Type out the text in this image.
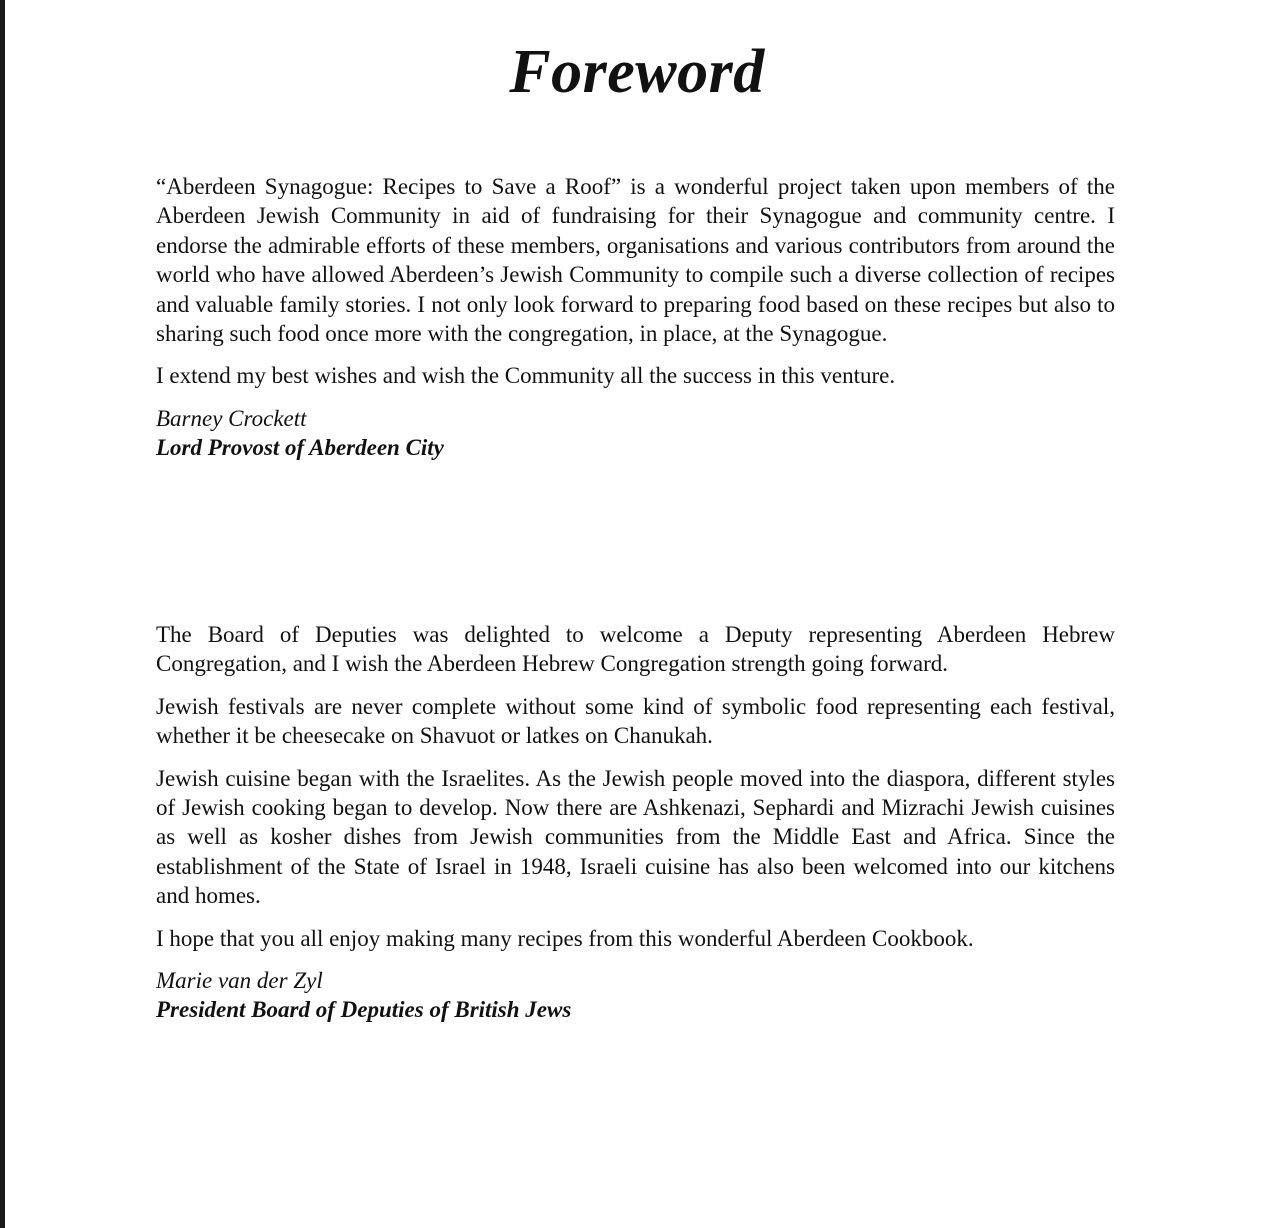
Foreword

“Aberdeen Synagogue: Recipes to Save a Roof” is a wonderful project taken upon members of the Aberdeen Jewish Community in aid of fundraising for their Synagogue and community centre. I endorse the admirable efforts of these members, organisations and various contributors from around the world who have allowed Aberdeen’s Jewish Community to compile such a diverse collection of recipes and valuable family stories. I not only look forward to preparing food based on these recipes but also to sharing such food once more with the congregation, in place, at the Synagogue.

I extend my best wishes and wish the Community all the success in this venture.

Barney Crockett

Lord Provost of Aberdeen City

The Board of Deputies was delighted to welcome a Deputy representing Aberdeen Hebrew Congregation, and I wish the Aberdeen Hebrew Congregation strength going forward.

Jewish festivals are never complete without some kind of symbolic food representing each festival, whether it be cheesecake on Shavuot or latkes on Chanukah.

Jewish cuisine began with the Israelites. As the Jewish people moved into the diaspora, different styles of Jewish cooking began to develop. Now there are Ashkenazi, Sephardi and Mizrachi Jewish cuisines as well as kosher dishes from Jewish communities from the Middle East and Africa. Since the establishment of the State of Israel in 1948, Israeli cuisine has also been welcomed into our kitchens and homes.

I hope that you all enjoy making many recipes from this wonderful Aberdeen Cookbook.

Marie van der Zyl

President Board of Deputies of British Jews
